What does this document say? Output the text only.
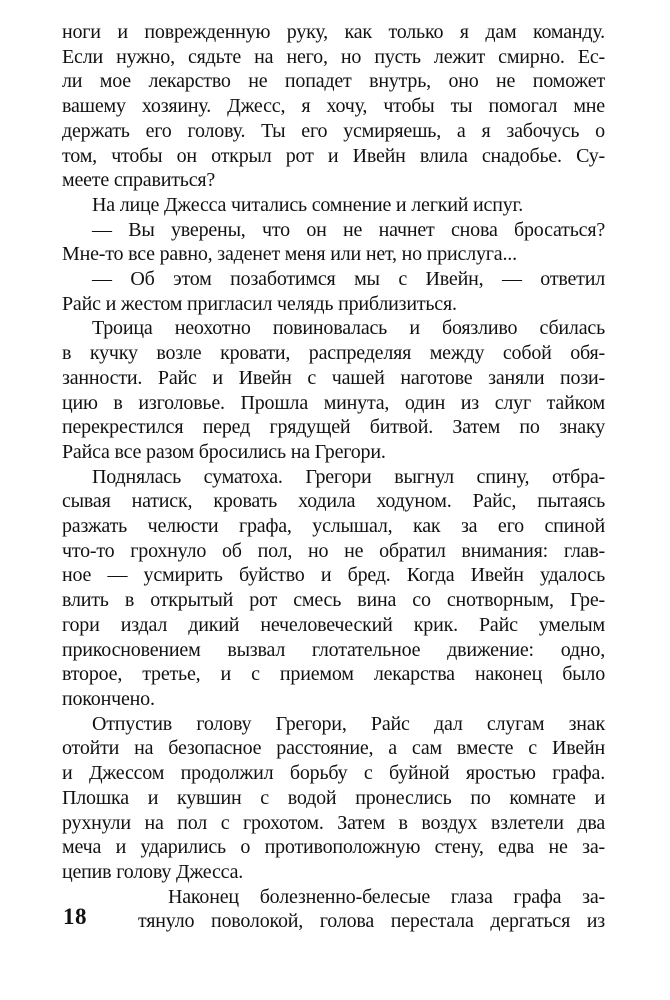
ноги и поврежденную руку, как только я дам команду.
Если нужно, сядьте на него, но пусть лежит смирно. Ес-
ли мое лекарство не попадет внутрь, оно не поможет
вашему хозяину. Джесс, я хочу, чтобы ты помогал мне
держать его голову. Ты его усмиряешь, а я забочусь о
том, чтобы он открыл рот и Ивейн влила снадобье. Су-
меете справиться?
На лице Джесса читались сомнение и легкий испуг.
— Вы уверены, что он не начнет снова бросаться?
Мне-то все равно, заденет меня или нет, но прислуга...
— Об этом позаботимся мы с Ивейн, — ответил
Райс и жестом пригласил челядь приблизиться.
Троица неохотно повиновалась и боязливо сбилась
в кучку возле кровати, распределяя между собой обя-
занности. Райс и Ивейн с чашей наготове заняли пози-
цию в изголовье. Прошла минута, один из слуг тайком
перекрестился перед грядущей битвой. Затем по знаку
Райса все разом бросились на Грегори.
Поднялась суматоха. Грегори выгнул спину, отбра-
сывая натиск, кровать ходила ходуном. Райс, пытаясь
разжать челюсти графа, услышал, как за его спиной
что-то грохнуло об пол, но не обратил внимания: глав-
ное — усмирить буйство и бред. Когда Ивейн удалось
влить в открытый рот смесь вина со снотворным, Гре-
гори издал дикий нечеловеческий крик. Райс умелым
прикосновением вызвал глотательное движение: одно,
второе, третье, и с приемом лекарства наконец было
покончено.
Отпустив голову Грегори, Райс дал слугам знак
отойти на безопасное расстояние, а сам вместе с Ивейн
и Джессом продолжил борьбу с буйной яростью графа.
Плошка и кувшин с водой пронеслись по комнате и
рухнули на пол с грохотом. Затем в воздух взлетели два
меча и ударились о противоположную стену, едва не за-
цепив голову Джесса.
Наконец болезненно-белесые глаза графа за-
тянуло поволокой, голова перестала дергаться из
18
